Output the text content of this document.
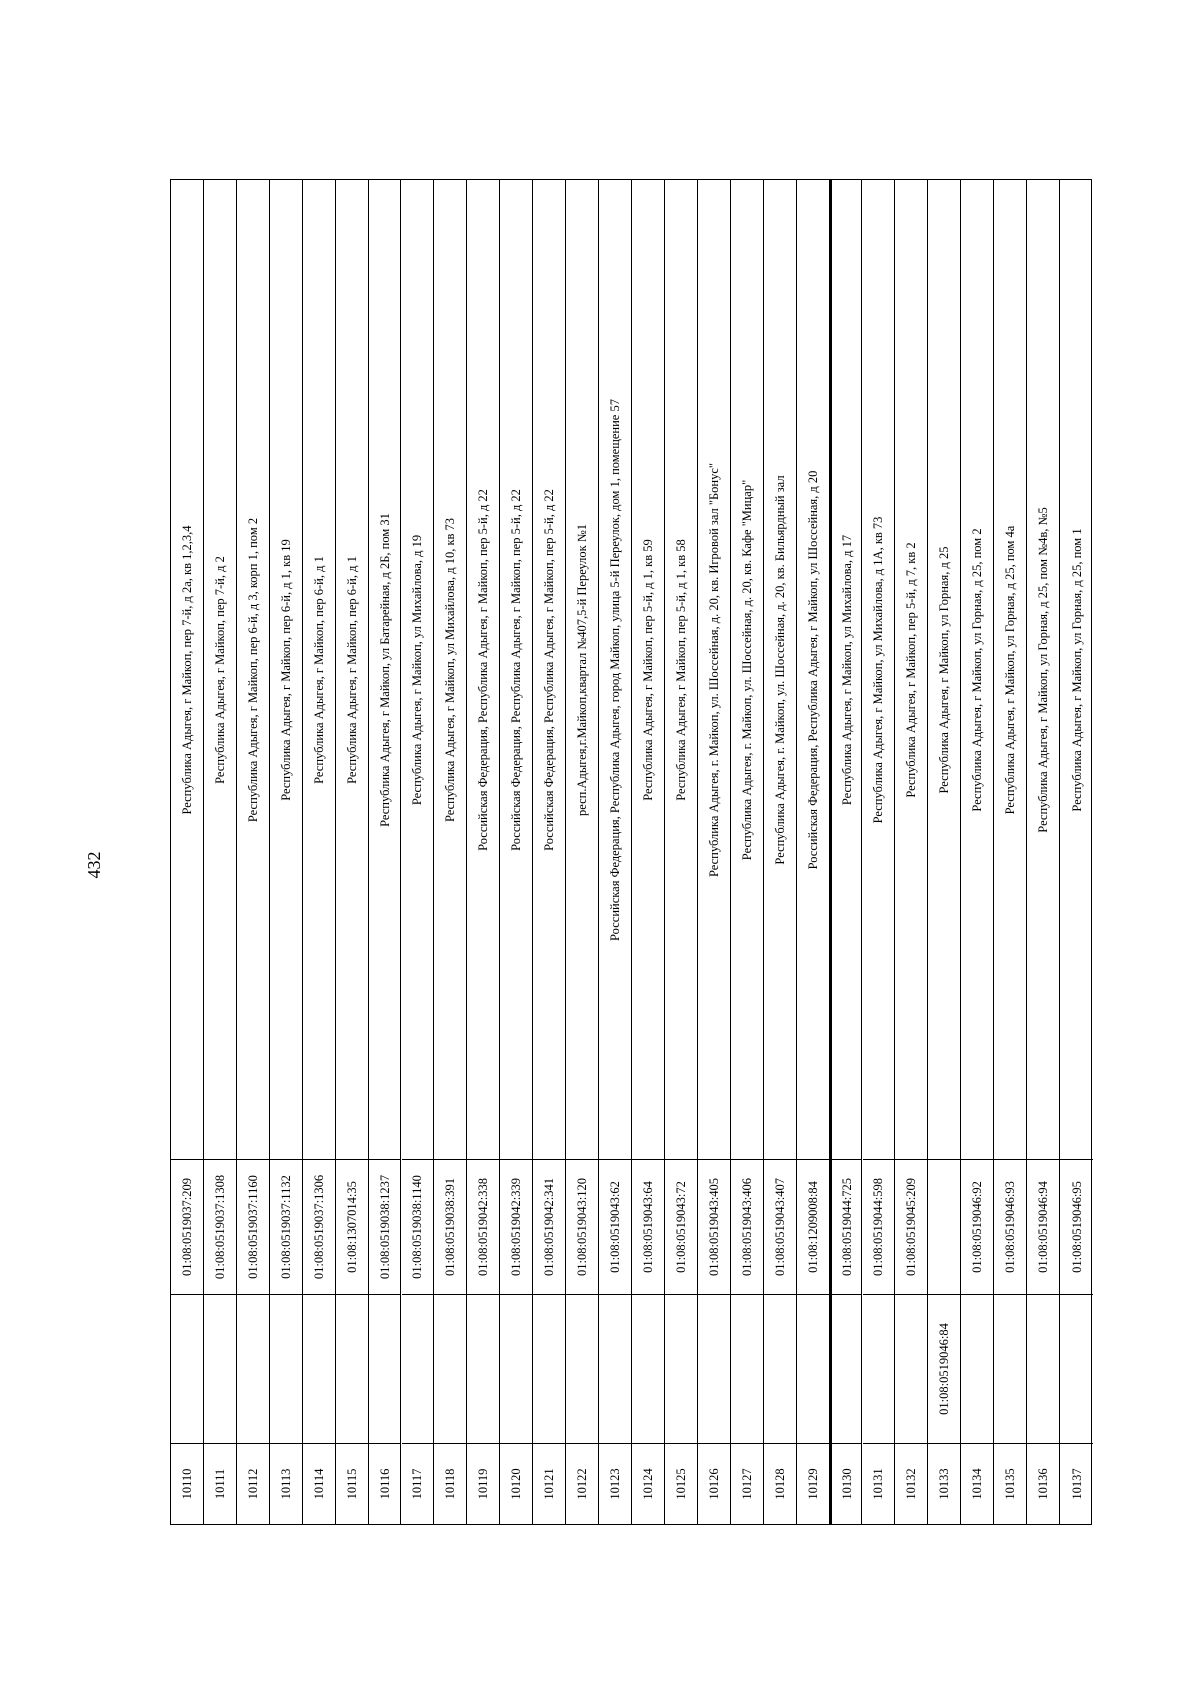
432
10110
01:08:0519037:209
Республика Адыгея, г Майкоп, пер 7-й, д 2а, кв 1,2,3,4
10111
01:08:0519037:1308
Республика Адыгея, г Майкоп, пер 7-й, д 2
10112
01:08:0519037:1160
Республика Адыгея, г Майкоп, пер 6-й, д 3, корп 1, пом 2
10113
01:08:0519037:1132
Республика Адыгея, г Майкоп, пер 6-й, д 1, кв 19
10114
01:08:0519037:1306
Республика Адыгея, г Майкоп, пер 6-й, д 1
10115
01:08:1307014:35
Республика Адыгея, г Майкоп, пер 6-й, д 1
10116
01:08:0519038:1237
Республика Адыгея, г Майкоп, ул Батарейная, д 2Б, пом 31
10117
01:08:0519038:1140
Республика Адыгея, г Майкоп, ул Михайлова, д 19
10118
01:08:0519038:391
Республика Адыгея, г Майкоп, ул Михайлова, д 10, кв 73
10119
01:08:0519042:338
Российская Федерация, Республика Адыгея, г Майкоп, пер 5-й, д 22
10120
01:08:0519042:339
Российская Федерация, Республика Адыгея, г Майкоп, пер 5-й, д 22
10121
01:08:0519042:341
Российская Федерация, Республика Адыгея, г Майкоп, пер 5-й, д 22
10122
01:08:0519043:120
респ.Адыгея,г.Майкоп,квартал №407,5-й Переулок №1
10123
01:08:0519043:62
Российская Федерация, Республика Адыгея, город Майкоп, улица 5-й Переулок, дом 1, помещение 57
10124
01:08:0519043:64
Республика Адыгея, г Майкоп, пер 5-й, д 1, кв 59
10125
01:08:0519043:72
Республика Адыгея, г Майкоп, пер 5-й, д 1, кв 58
10126
01:08:0519043:405
Республика Адыгея, г. Майкоп, ул. Шоссейная, д. 20, кв. Игровой зал "Бонус"
10127
01:08:0519043:406
Республика Адыгея, г. Майкоп, ул. Шоссейная, д. 20, кв. Кафе "Мицар"
10128
01:08:0519043:407
Республика Адыгея, г. Майкоп, ул. Шоссейная, д. 20, кв. Бильярдный зал
10129
01:08:1209008:84
Российская Федерация, Республика Адыгея, г Майкоп, ул Шоссейная, д 20
10130
01:08:0519044:725
Республика Адыгея, г Майкоп, ул Михайлова, д 17
10131
01:08:0519044:598
Республика Адыгея, г Майкоп, ул Михайлова, д 1А, кв 73
10132
01:08:0519045:209
Республика Адыгея, г Майкоп, пер 5-й, д 7, кв 2
10133
01:08:0519046:84
Республика Адыгея, г Майкоп, ул Горная, д 25
10134
01:08:0519046:92
Республика Адыгея, г Майкоп, ул Горная, д 25, пом 2
10135
01:08:0519046:93
Республика Адыгея, г Майкоп, ул Горная, д 25, пом 4а
10136
01:08:0519046:94
Республика Адыгея, г Майкоп, ул Горная, д 25, пом №4в, №5
10137
01:08:0519046:95
Республика Адыгея, г Майкоп, ул Горная, д 25, пом 1
